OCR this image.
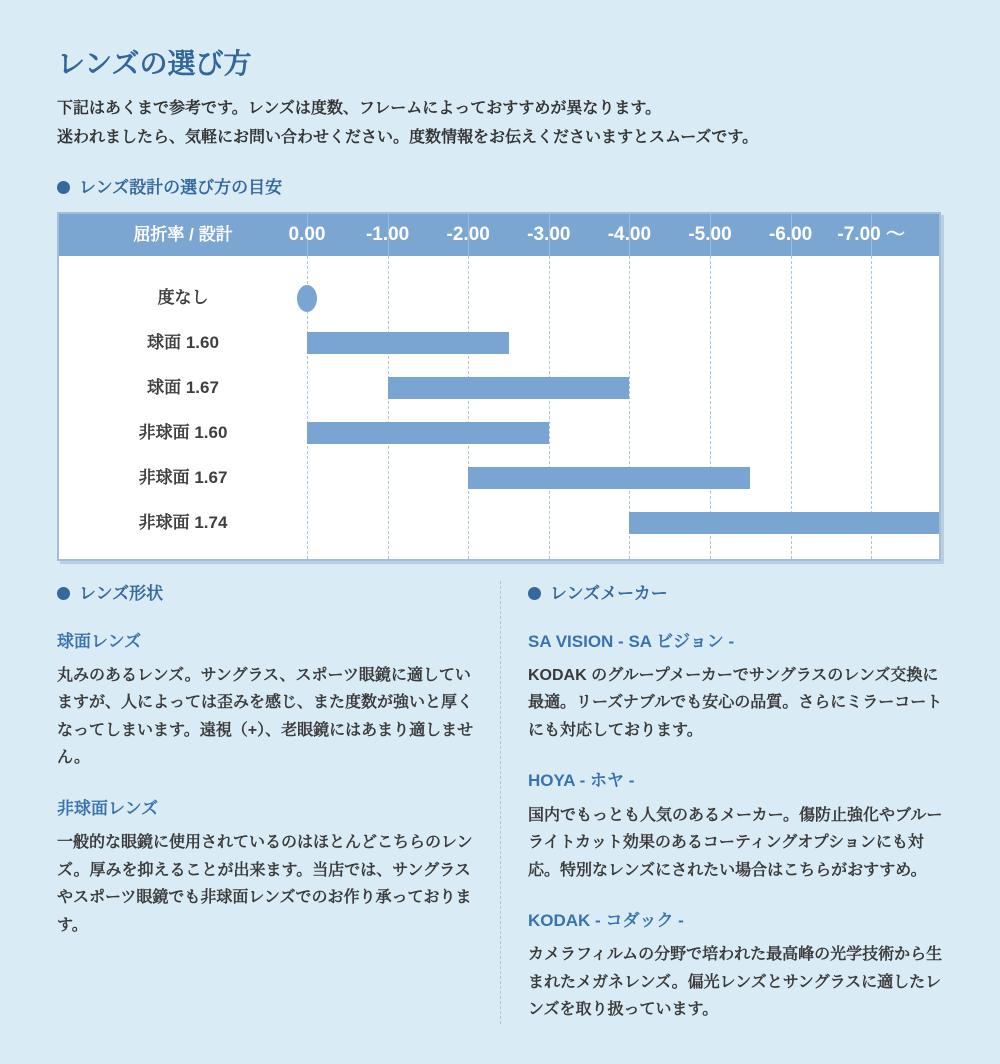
レンズの選び方
下記はあくまで参考です。レンズは度数、フレームによっておすすめが異なります。
迷われましたら、気軽にお問い合わせください。度数情報をお伝えくださいますとスムーズです。
レンズ設計の選び方の目安
屈折率 / 設計	0.00	-1.00	-2.00	-3.00	-4.00	-5.00	-6.00	-7.00 ～
度なし
球面 1.60
球面 1.67
非球面 1.60
非球面 1.67
非球面 1.74
レンズ形状
球面レンズ

丸みのあるレンズ。サングラス、スポーツ眼鏡に適していますが、人によっては歪みを感じ、また度数が強いと厚くなってしまいます。遠視（+）、老眼鏡にはあまり適しません。

非球面レンズ

一般的な眼鏡に使用されているのはほとんどこちらのレンズ。厚みを抑えることが出来ます。当店では、サングラスやスポーツ眼鏡でも非球面レンズでのお作り承っております。

レンズメーカー
SA VISION - SA ビジョン -

KODAK のグループメーカーでサングラスのレンズ交換に最適。リーズナブルでも安心の品質。さらにミラーコートにも対応しております。

HOYA - ホヤ -

国内でもっとも人気のあるメーカー。傷防止強化やブルーライトカット効果のあるコーティングオプションにも対応。特別なレンズにされたい場合はこちらがおすすめ。

KODAK - コダック -

カメラフィルムの分野で培われた最高峰の光学技術から生まれたメガネレンズ。偏光レンズとサングラスに適したレンズを取り扱っています。
